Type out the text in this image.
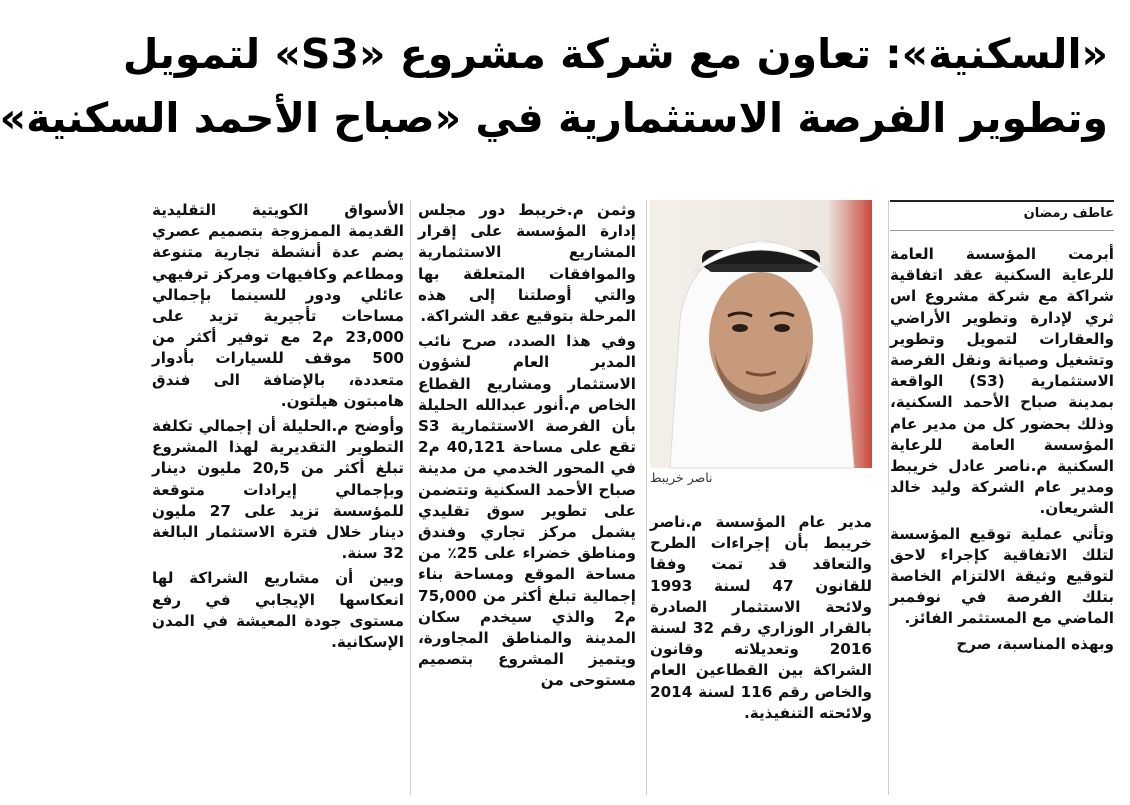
«السكنية»: تعاون مع شركة مشروع «S3» لتمويل
وتطوير الفرصة الاستثمارية في «صباح الأحمد السكنية»
عاطف رمضان

أبرمت المؤسسة العامة للرعاية السكنية عقد اتفاقية شراكة مع شركة مشروع اس ثري لإدارة وتطوير الأراضي والعقارات لتمويل وتطوير وتشغيل وصيانة ونقل الفرصة الاستثمارية (S3) الواقعة بمدينة صباح الأحمد السكنية، وذلك بحضور كل من مدير عام المؤسسة العامة للرعاية السكنية م.ناصر عادل خريبط ومدير عام الشركة وليد خالد الشريعان.

وتأتي عملية توقيع المؤسسة لتلك الاتفاقية كإجراء لاحق لتوقيع وثيقة الالتزام الخاصة بتلك الفرصة في نوفمبر الماضي مع المستثمر الفائز.

وبهذه المناسبة، صرح

ناصر خريبط

مدير عام المؤسسة م.ناصر خريبط بأن إجراءات الطرح والتعاقد قد تمت وفقا للقانون 47 لسنة 1993 ولائحة الاستثمار الصادرة بالقرار الوزاري رقم 32 لسنة 2016 وتعديلاته وقانون الشراكة بين القطاعين العام والخاص رقم 116 لسنة 2014 ولائحته التنفيذية.

وثمن م.خريبط دور مجلس إدارة المؤسسة على إقرار المشاريع الاستثمارية والموافقات المتعلقة بها والتي أوصلتنا إلى هذه المرحلة بتوقيع عقد الشراكة.

وفي هذا الصدد، صرح نائب المدير العام لشؤون الاستثمار ومشاريع القطاع الخاص م.أنور عبدالله الحليلة بأن الفرصة الاستثمارية S3 تقع على مساحة 40,121 م2 في المحور الخدمي من مدينة صباح الأحمد السكنية وتتضمن على تطوير سوق تقليدي يشمل مركز تجاري وفندق ومناطق خضراء على 25٪ من مساحة الموقع ومساحة بناء إجمالية تبلغ أكثر من 75,000 م2 والذي سيخدم سكان المدينة والمناطق المجاورة، ويتميز المشروع بتصميم مستوحى من

الأسواق الكويتية التقليدية القديمة الممزوجة بتصميم عصري يضم عدة أنشطة تجارية متنوعة ومطاعم وكافيهات ومركز ترفيهي عائلي ودور للسينما بإجمالي مساحات تأجيرية تزيد على 23,000 م2 مع توفير أكثر من 500 موقف للسيارات بأدوار متعددة، بالإضافة الى فندق هامبتون هيلتون.

وأوضح م.الحليلة أن إجمالي تكلفة التطوير التقديرية لهذا المشروع تبلغ أكثر من 20,5 مليون دينار وبإجمالي إيرادات متوقعة للمؤسسة تزيد على 27 مليون دينار خلال فترة الاستثمار البالغة 32 سنة.

وبين أن مشاريع الشراكة لها انعكاسها الإيجابي في رفع مستوى جودة المعيشة في المدن الإسكانية.
